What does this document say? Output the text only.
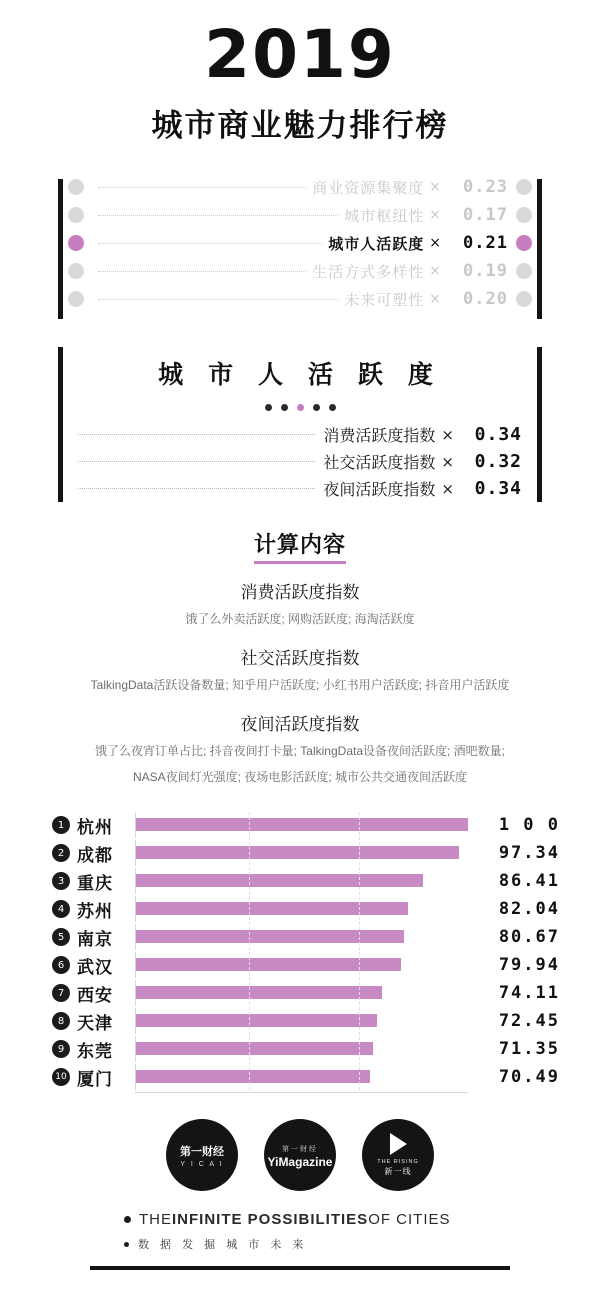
2019
城市商业魅力排行榜
商业资源集聚度 ×	0.23
城市枢纽性 ×	0.17
城市人活跃度 ×	0.21
生活方式多样性 ×	0.19
未来可塑性 ×	0.20
城 市 人 活 跃 度
消费活跃度指数 ×	0.34
社交活跃度指数 ×	0.32
夜间活跃度指数 ×	0.34
计算内容
消费活跃度指数

饿了么外卖活跃度; 网购活跃度; 海淘活跃度

社交活跃度指数

TalkingData活跃设备数量; 知乎用户活跃度; 小红书用户活跃度; 抖音用户活跃度

夜间活跃度指数

饿了么夜宵订单占比; 抖音夜间打卡量; TalkingData设备夜间活跃度; 酒吧数量;

NASA夜间灯光强度; 夜场电影活跃度; 城市公共交通夜间活跃度

1 杭州	1 0 0
2 成都	97.34
3 重庆	86.41
4 苏州	82.04
5 南京	80.67
6 武汉	79.94
7 西安	74.11
8 天津	72.45
9 东莞	71.35
10 厦门	70.49
第一财经
Y I C A I
第一财经
YiMagazine	THE RISING
新一线
THE INFINITE POSSIBILITIES OF CITIES
数 据 发 掘 城 市 未 来
